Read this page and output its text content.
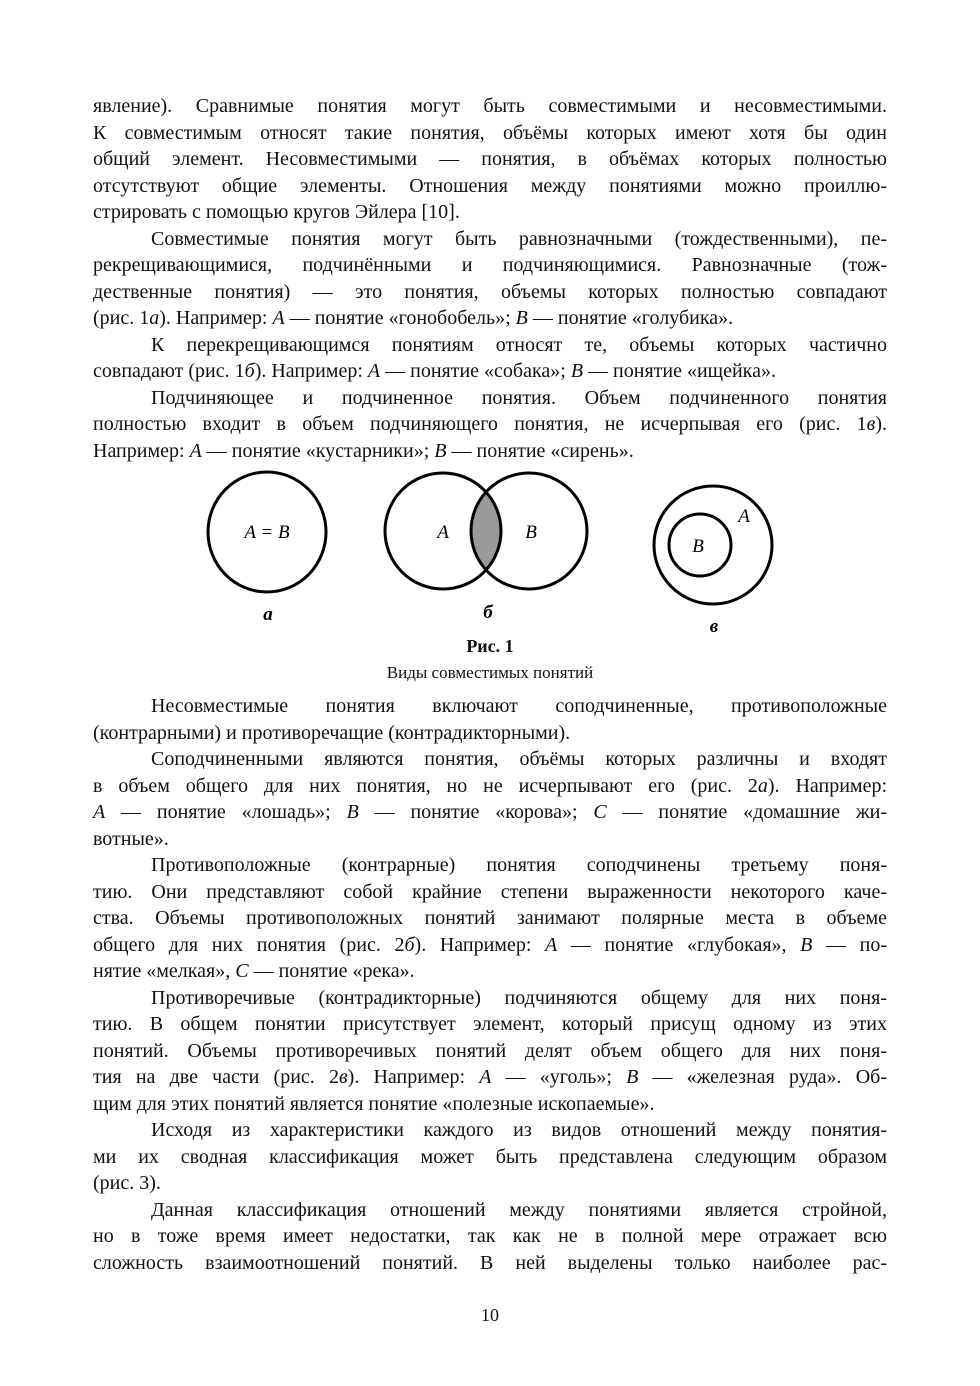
явление). Сравнимые понятия могут быть совместимыми и несовместимыми.
К совместимым относят такие понятия, объёмы которых имеют хотя бы один
общий элемент. Несовместимыми — понятия, в объёмах которых полностью
отсутствуют общие элементы. Отношения между понятиями можно проиллю-
стрировать с помощью кругов Эйлера [10].
Совместимые понятия могут быть равнозначными (тождественными), пе-
рекрещивающимися, подчинёнными и подчиняющимися. Равнозначные (тож-
дественные понятия) — это понятия, объемы которых полностью совпадают
(рис. 1а). Например: A — понятие «гонобобель»; B — понятие «голубика».
К перекрещивающимся понятиям относят те, объемы которых частично
совпадают (рис. 1б). Например: A — понятие «собака»; B — понятие «ищейка».
Подчиняющее и подчиненное понятия. Объем подчиненного понятия
полностью входит в объем подчиняющего понятия, не исчерпывая его (рис. 1в).
Например: A — понятие «кустарники»; B — понятие «сирень».
A = B
а
A	B
б
A
B
в
Рис. 1
Виды совместимых понятий
Несовместимые понятия включают соподчиненные, противоположные
(контрарными) и противоречащие (контрадикторными).
Соподчиненными являются понятия, объёмы которых различны и входят
в объем общего для них понятия, но не исчерпывают его (рис. 2а). Например:
A — понятие «лошадь»; B — понятие «корова»; C — понятие «домашние жи-
вотные».
Противоположные (контрарные) понятия соподчинены третьему поня-
тию. Они представляют собой крайние степени выраженности некоторого каче-
ства. Объемы противоположных понятий занимают полярные места в объеме
общего для них понятия (рис. 2б). Например: A — понятие «глубокая», B — по-
нятие «мелкая», C — понятие «река».
Противоречивые (контрадикторные) подчиняются общему для них поня-
тию. В общем понятии присутствует элемент, который присущ одному из этих
понятий. Объемы противоречивых понятий делят объем общего для них поня-
тия на две части (рис. 2в). Например: A — «уголь»; B — «железная руда». Об-
щим для этих понятий является понятие «полезные ископаемые».
Исходя из характеристики каждого из видов отношений между понятия-
ми их сводная классификация может быть представлена следующим образом
(рис. 3).
Данная классификация отношений между понятиями является стройной,
но в тоже время имеет недостатки, так как не в полной мере отражает всю
сложность взаимоотношений понятий. В ней выделены только наиболее рас-
10
